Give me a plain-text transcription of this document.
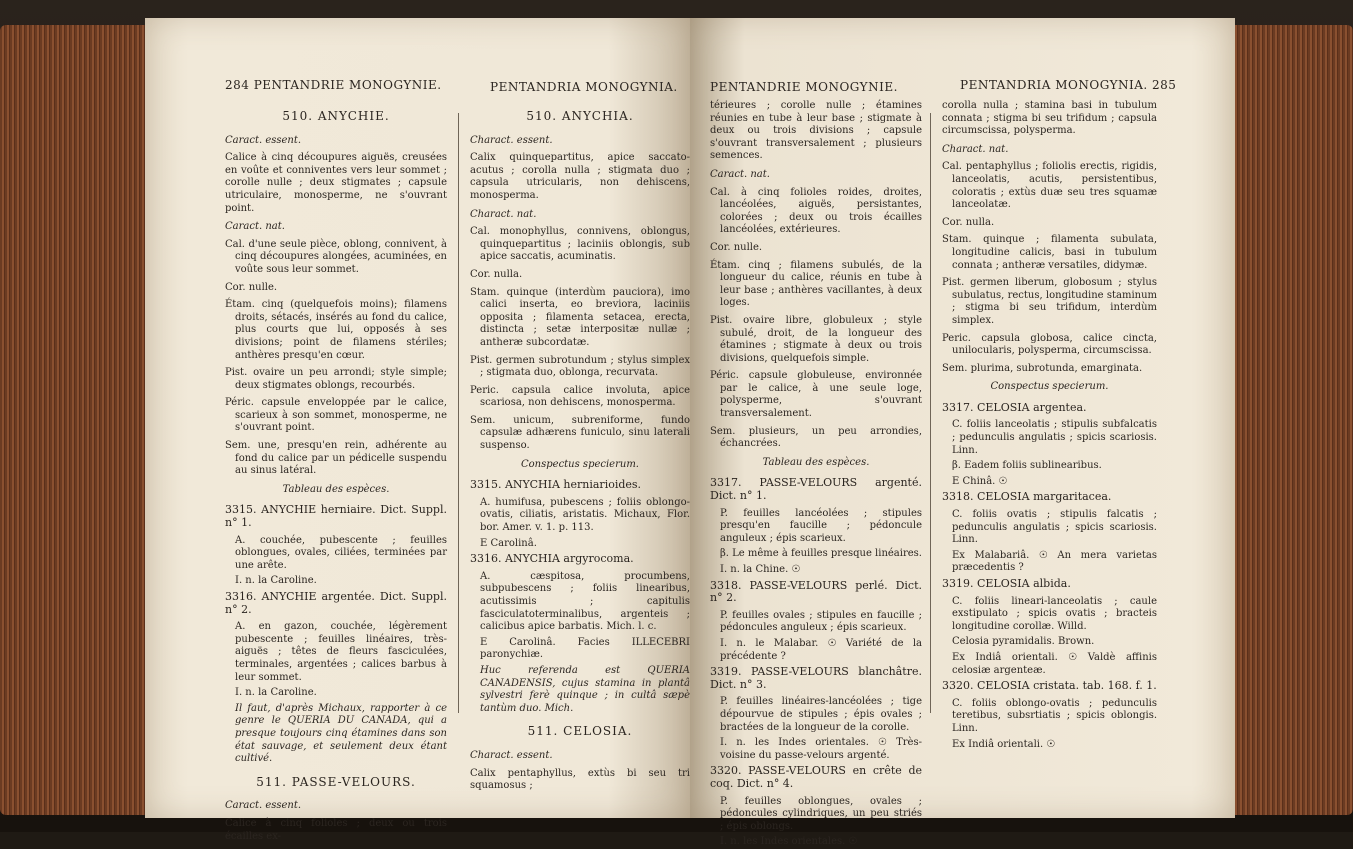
284 PENTANDRIE MONOGYNIE.	PENTANDRIA MONOGYNIA.

510. ANYCHIE.

Caract. essent.

Calice à cinq découpures aiguës, creusées en voûte et conniventes vers leur sommet ; corolle nulle ; deux stigmates ; capsule utriculaire, monosperme, ne s'ouvrant point.

Caract. nat.

Cal. d'une seule pièce, oblong, connivent, à cinq découpures alongées, acuminées, en voûte sous leur sommet.

Cor. nulle.

Étam. cinq (quelquefois moins); filamens droits, sétacés, insérés au fond du calice, plus courts que lui, opposés à ses divisions; point de filamens stériles; anthères presqu'en cœur.

Pist. ovaire un peu arrondi; style simple; deux stigmates oblongs, recourbés.

Péric. capsule enveloppée par le calice, scarieux à son sommet, monosperme, ne s'ouvrant point.

Sem. une, presqu'en rein, adhérente au fond du calice par un pédicelle suspendu au sinus latéral.

Tableau des espèces.

3315. ANYCHIE herniaire. Dict. Suppl. n° 1.

A. couchée, pubescente ; feuilles oblongues, ovales, ciliées, terminées par une arête.

I. n. la Caroline.

3316. ANYCHIE argentée. Dict. Suppl. n° 2.

A. en gazon, couchée, légèrement pubescente ; feuilles linéaires, très-aiguës ; têtes de fleurs fasciculées, terminales, argentées ; calices barbus à leur sommet.

I. n. la Caroline.

Il faut, d'après Michaux, rapporter à ce genre le QUERIA DU CANADA, qui a presque toujours cinq étamines dans son état sauvage, et seulement deux étant cultivé.

511. PASSE-VELOURS.

Caract. essent.

Calice à cinq folioles ; deux ou trois écailles ex-

510. ANYCHIA.

Charact. essent.

Calix quinquepartitus, apice saccato-acutus ; corolla nulla ; stigmata duo ; capsula utricularis, non dehiscens, monosperma.

Charact. nat.

Cal. monophyllus, connivens, oblongus, quinquepartitus ; laciniis oblongis, sub apice saccatis, acuminatis.

Cor. nulla.

Stam. quinque (interdùm pauciora), imo calici inserta, eo breviora, laciniis opposita ; filamenta setacea, erecta, distincta ; setæ interpositæ nullæ ; antheræ subcordatæ.

Pist. germen subrotundum ; stylus simplex ; stigmata duo, oblonga, recurvata.

Peric. capsula calice involuta, apice scariosa, non dehiscens, monosperma.

Sem. unicum, subreniforme, fundo capsulæ adhærens funiculo, sinu laterali suspenso.

Conspectus specierum.

3315. ANYCHIA herniarioides.

A. humifusa, pubescens ; foliis oblongo-ovatis, ciliatis, aristatis. Michaux, Flor. bor. Amer. v. 1. p. 113.

E Carolinâ.

3316. ANYCHIA argyrocoma.

A. cæspitosa, procumbens, subpubescens ; foliis linearibus, acutissimis ; capitulis fasciculatoterminalibus, argenteis ; calicibus apice barbatis. Mich. l. c.

E Carolinâ. Facies ILLECEBRI paronychiæ.

Huc referenda est QUERIA CANADENSIS, cujus stamina in plantâ sylvestri ferè quinque ; in cultâ sæpè tantùm duo. Mich.

511. CELOSIA.

Charact. essent.

Calix pentaphyllus, extùs bi seu tri squamosus ;

PENTANDRIE MONOGYNIE.	PENTANDRIA MONOGYNIA. 285

térieures ; corolle nulle ; étamines réunies en tube à leur base ; stigmate à deux ou trois divisions ; capsule s'ouvrant transversalement ; plusieurs semences.

Caract. nat.

Cal. à cinq folioles roides, droites, lancéolées, aiguës, persistantes, colorées ; deux ou trois écailles lancéolées, extérieures.

Cor. nulle.

Étam. cinq ; filamens subulés, de la longueur du calice, réunis en tube à leur base ; anthères vacillantes, à deux loges.

Pist. ovaire libre, globuleux ; style subulé, droit, de la longueur des étamines ; stigmate à deux ou trois divisions, quelquefois simple.

Péric. capsule globuleuse, environnée par le calice, à une seule loge, polysperme, s'ouvrant transversalement.

Sem. plusieurs, un peu arrondies, échancrées.

Tableau des espèces.

3317. PASSE-VELOURS argenté. Dict. n° 1.

P. feuilles lancéolées ; stipules presqu'en faucille ; pédoncule anguleux ; épis scarieux.

β. Le même à feuilles presque linéaires.

I. n. la Chine. ☉

3318. PASSE-VELOURS perlé. Dict. n° 2.

P. feuilles ovales ; stipules en faucille ; pédoncules anguleux ; épis scarieux.

I. n. le Malabar. ☉ Variété de la précédente ?

3319. PASSE-VELOURS blanchâtre. Dict. n° 3.

P. feuilles linéaires-lancéolées ; tige dépourvue de stipules ; épis ovales ; bractées de la longueur de la corolle.

I. n. les Indes orientales. ☉ Très-voisine du passe-velours argenté.

3320. PASSE-VELOURS en crête de coq. Dict. n° 4.

P. feuilles oblongues, ovales ; pédoncules cylindriques, un peu striés ; épis oblongs.

I. n. les Indes orientales. ☉

corolla nulla ; stamina basi in tubulum connata ; stigma bi seu trifidum ; capsula circumscissa, polysperma.

Charact. nat.

Cal. pentaphyllus ; foliolis erectis, rigidis, lanceolatis, acutis, persistentibus, coloratis ; extùs duæ seu tres squamæ lanceolatæ.

Cor. nulla.

Stam. quinque ; filamenta subulata, longitudine calicis, basi in tubulum connata ; antheræ versatiles, didymæ.

Pist. germen liberum, globosum ; stylus subulatus, rectus, longitudine staminum ; stigma bi seu trifidum, interdùm simplex.

Peric. capsula globosa, calice cincta, unilocularis, polysperma, circumscissa.

Sem. plurima, subrotunda, emarginata.

Conspectus specierum.

3317. CELOSIA argentea.

C. foliis lanceolatis ; stipulis subfalcatis ; pedunculis angulatis ; spicis scariosis. Linn.

β. Eadem foliis sublinearibus.

E Chinâ. ☉

3318. CELOSIA margaritacea.

C. foliis ovatis ; stipulis falcatis ; pedunculis angulatis ; spicis scariosis. Linn.

Ex Malabariâ. ☉ An mera varietas præcedentis ?

3319. CELOSIA albida.

C. foliis lineari-lanceolatis ; caule exstipulato ; spicis ovatis ; bracteis longitudine corollæ. Willd.

Celosia pyramidalis. Brown.

Ex Indiâ orientali. ☉ Valdè affinis celosiæ argenteæ.

3320. CELOSIA cristata. tab. 168. f. 1.

C. foliis oblongo-ovatis ; pedunculis teretibus, subsrtiatis ; spicis oblongis. Linn.

Ex Indiâ orientali. ☉
